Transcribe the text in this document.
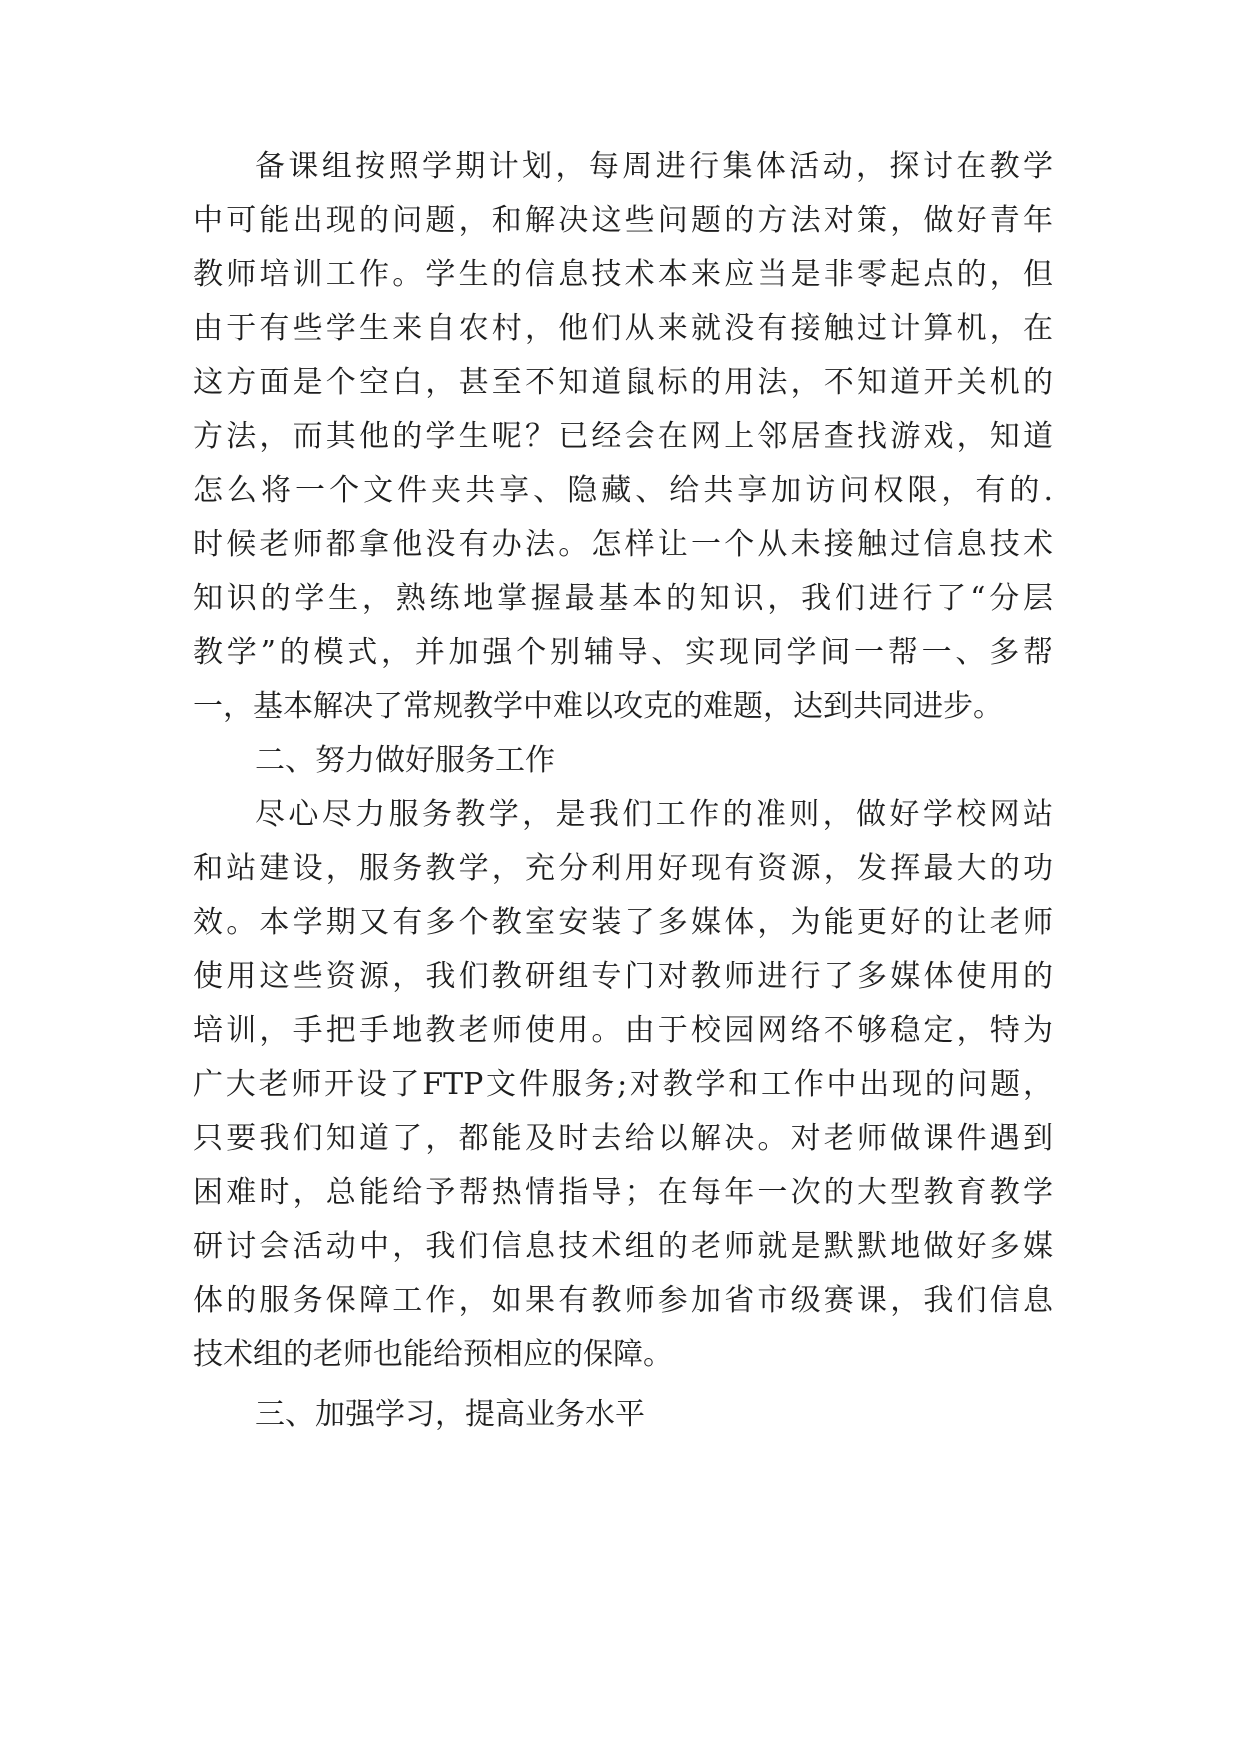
备课组按照学期计划，每周进行集体活动，探讨在教学
中可能出现的问题，和解决这些问题的方法对策，做好青年
教师培训工作。学生的信息技术本来应当是非零起点的，但
由于有些学生来自农村，他们从来就没有接触过计算机，在
这方面是个空白，甚至不知道鼠标的用法，不知道开关机的
方法，而其他的学生呢？已经会在网上邻居查找游戏，知道
怎么将一个文件夹共享、隐藏、给共享加访问权限，有的.
时候老师都拿他没有办法。怎样让一个从未接触过信息技术
知识的学生，熟练地掌握最基本的知识，我们进行了“分层
教学”的模式，并加强个别辅导、实现同学间一帮一、多帮
一，基本解决了常规教学中难以攻克的难题，达到共同进步。
二、努力做好服务工作
尽心尽力服务教学，是我们工作的准则，做好学校网站
和站建设，服务教学，充分利用好现有资源，发挥最大的功
效。本学期又有多个教室安装了多媒体，为能更好的让老师
使用这些资源，我们教研组专门对教师进行了多媒体使用的
培训，手把手地教老师使用。由于校园网络不够稳定，特为
广大老师开设了FTP文件服务;对教学和工作中出现的问题，
只要我们知道了，都能及时去给以解决。对老师做课件遇到
困难时，总能给予帮热情指导；在每年一次的大型教育教学
研讨会活动中，我们信息技术组的老师就是默默地做好多媒
体的服务保障工作，如果有教师参加省市级赛课，我们信息
技术组的老师也能给预相应的保障。
三、加强学习，提高业务水平
